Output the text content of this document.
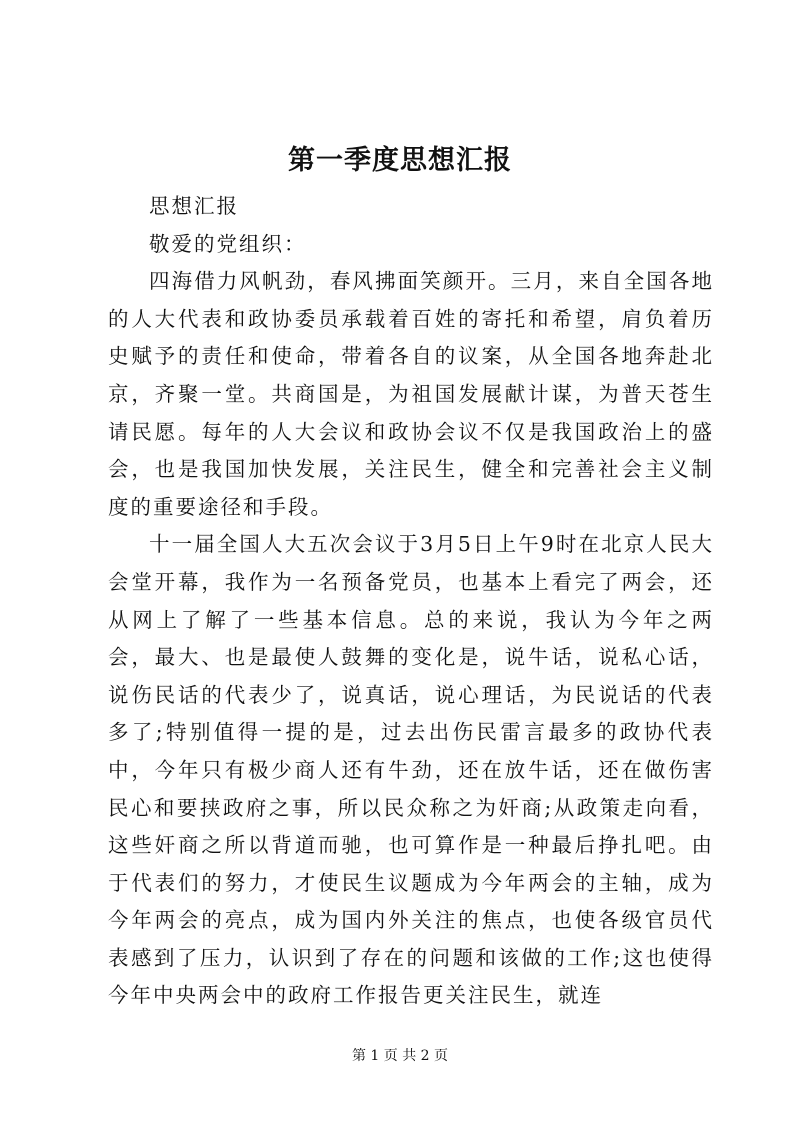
第一季度思想汇报

思想汇报

敬爱的党组织：

四海借力风帆劲，春风拂面笑颜开。三月，来自全国各地的人大代表和政协委员承载着百姓的寄托和希望，肩负着历史赋予的责任和使命，带着各自的议案，从全国各地奔赴北京，齐聚一堂。共商国是，为祖国发展献计谋，为普天苍生请民愿。每年的人大会议和政协会议不仅是我国政治上的盛会，也是我国加快发展，关注民生，健全和完善社会主义制度的重要途径和手段。

十一届全国人大五次会议于3月5日上午9时在北京人民大会堂开幕，我作为一名预备党员，也基本上看完了两会，还从网上了解了一些基本信息。总的来说，我认为今年之两会，最大、也是最使人鼓舞的变化是，说牛话，说私心话，说伤民话的代表少了，说真话，说心理话，为民说话的代表多了;特别值得一提的是，过去出伤民雷言最多的政协代表中，今年只有极少商人还有牛劲，还在放牛话，还在做伤害民心和要挟政府之事，所以民众称之为奸商;从政策走向看，这些奸商之所以背道而驰，也可算作是一种最后挣扎吧。由于代表们的努力，才使民生议题成为今年两会的主轴，成为今年两会的亮点，成为国内外关注的焦点，也使各级官员代表感到了压力，认识到了存在的问题和该做的工作;这也使得今年中央两会中的政府工作报告更关注民生，就连

第 1 页 共 2 页
